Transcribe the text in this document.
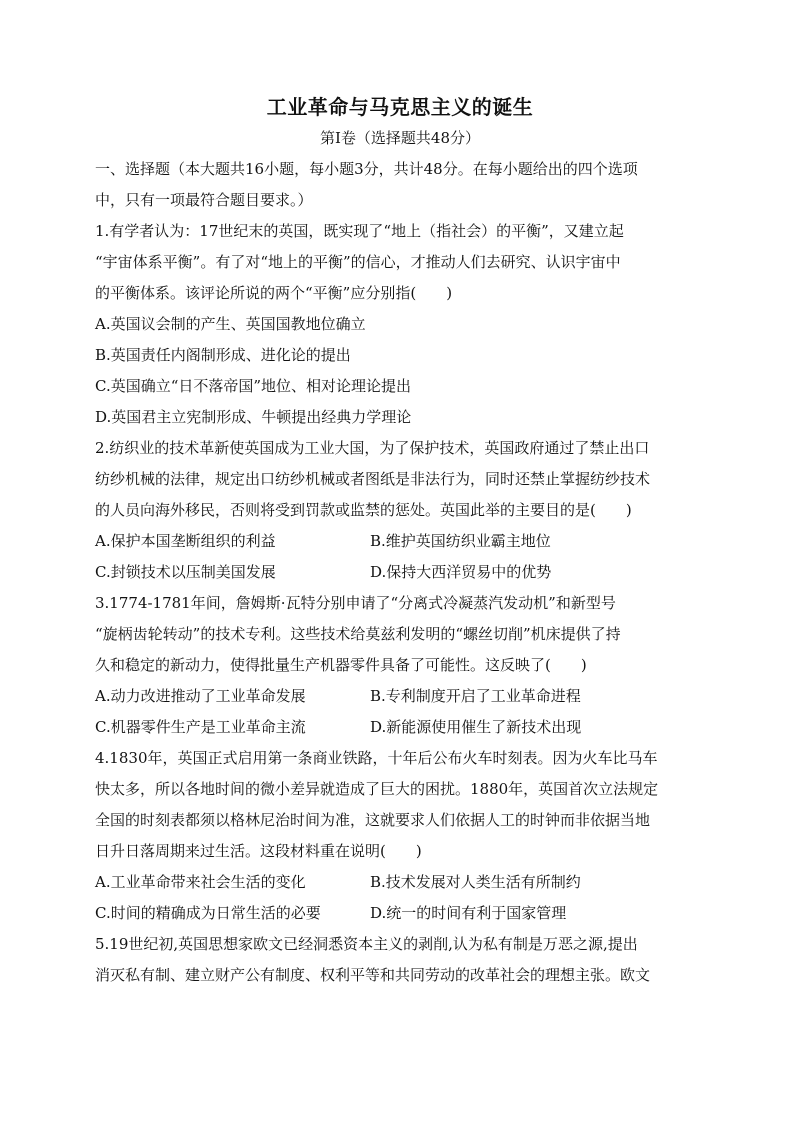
工业革命与马克思主义的诞生
第Ⅰ卷（选择题共48分）

一、选择题（本大题共16小题，每小题3分，共计48分。在每小题给出的四个选项

中，只有一项最符合题目要求。）

1.有学者认为：17世纪末的英国，既实现了“地上（指社会）的平衡”，又建立起

“宇宙体系平衡”。有了对“地上的平衡”的信心，才推动人们去研究、认识宇宙中

的平衡体系。该评论所说的两个“平衡”应分别指(　　)

A.英国议会制的产生、英国国教地位确立
B.英国责任内阁制形成、进化论的提出
C.英国确立“日不落帝国”地位、相对论理论提出
D.英国君主立宪制形成、牛顿提出经典力学理论

2.纺织业的技术革新使英国成为工业大国，为了保护技术，英国政府通过了禁止出口

纺纱机械的法律，规定出口纺纱机械或者图纸是非法行为，同时还禁止掌握纺纱技术

的人员向海外移民，否则将受到罚款或监禁的惩处。英国此举的主要目的是(　　)

A.保护本国垄断组织的利益	B.维护英国纺织业霸主地位
C.封锁技术以压制美国发展	D.保持大西洋贸易中的优势

3.1774-1781年间，詹姆斯·瓦特分别申请了“分离式冷凝蒸汽发动机”和新型号

“旋柄齿轮转动”的技术专利。这些技术给莫兹利发明的“螺丝切削”机床提供了持

久和稳定的新动力，使得批量生产机器零件具备了可能性。这反映了(　　)

A.动力改进推动了工业革命发展	B.专利制度开启了工业革命进程
C.机器零件生产是工业革命主流	D.新能源使用催生了新技术出现

4.1830年，英国正式启用第一条商业铁路，十年后公布火车时刻表。因为火车比马车

快太多，所以各地时间的微小差异就造成了巨大的困扰。1880年，英国首次立法规定

全国的时刻表都须以格林尼治时间为准，这就要求人们依据人工的时钟而非依据当地

日升日落周期来过生活。这段材料重在说明(　　)

A.工业革命带来社会生活的变化	B.技术发展对人类生活有所制约
C.时间的精确成为日常生活的必要	D.统一的时间有利于国家管理

5.19世纪初,英国思想家欧文已经洞悉资本主义的剥削,认为私有制是万恶之源,提出

消灭私有制、建立财产公有制度、权利平等和共同劳动的改革社会的理想主张。欧文
